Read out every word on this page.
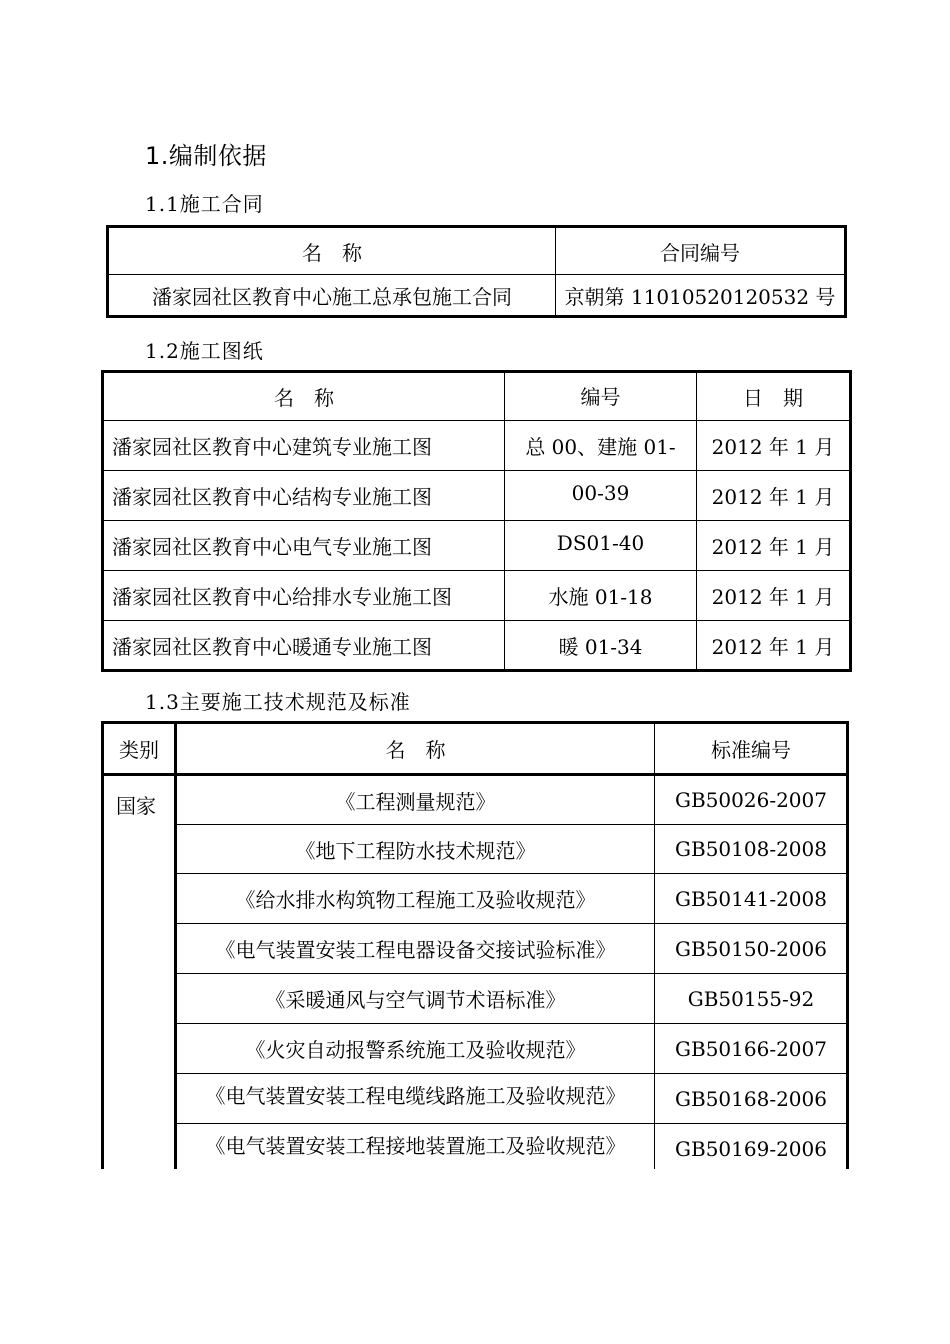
1.编制依据
1.1施工合同
名　称	合同编号
潘家园社区教育中心施工总承包施工合同	京朝第 11010520120532 号
1.2施工图纸
名　称	编号	日　期
潘家园社区教育中心建筑专业施工图	总 00、建施 01-	2012 年 1 月
潘家园社区教育中心结构专业施工图	00-39	2012 年 1 月
潘家园社区教育中心电气专业施工图	DS01-40	2012 年 1 月
潘家园社区教育中心给排水专业施工图	水施 01-18	2012 年 1 月
潘家园社区教育中心暖通专业施工图	暖 01-34	2012 年 1 月
1.3主要施工技术规范及标准
类别	名　称	标准编号
国家	《工程测量规范》	GB50026-2007
	《地下工程防水技术规范》	GB50108-2008
	《给水排水构筑物工程施工及验收规范》	GB50141-2008
	《电气装置安装工程电器设备交接试验标准》	GB50150-2006
	《采暖通风与空气调节术语标准》	GB50155-92
	《火灾自动报警系统施工及验收规范》	GB50166-2007

	《电气装置安装工程电缆线路施工及验收规范》	GB50168-2006

	《电气装置安装工程接地装置施工及验收规范》	GB50169-2006
